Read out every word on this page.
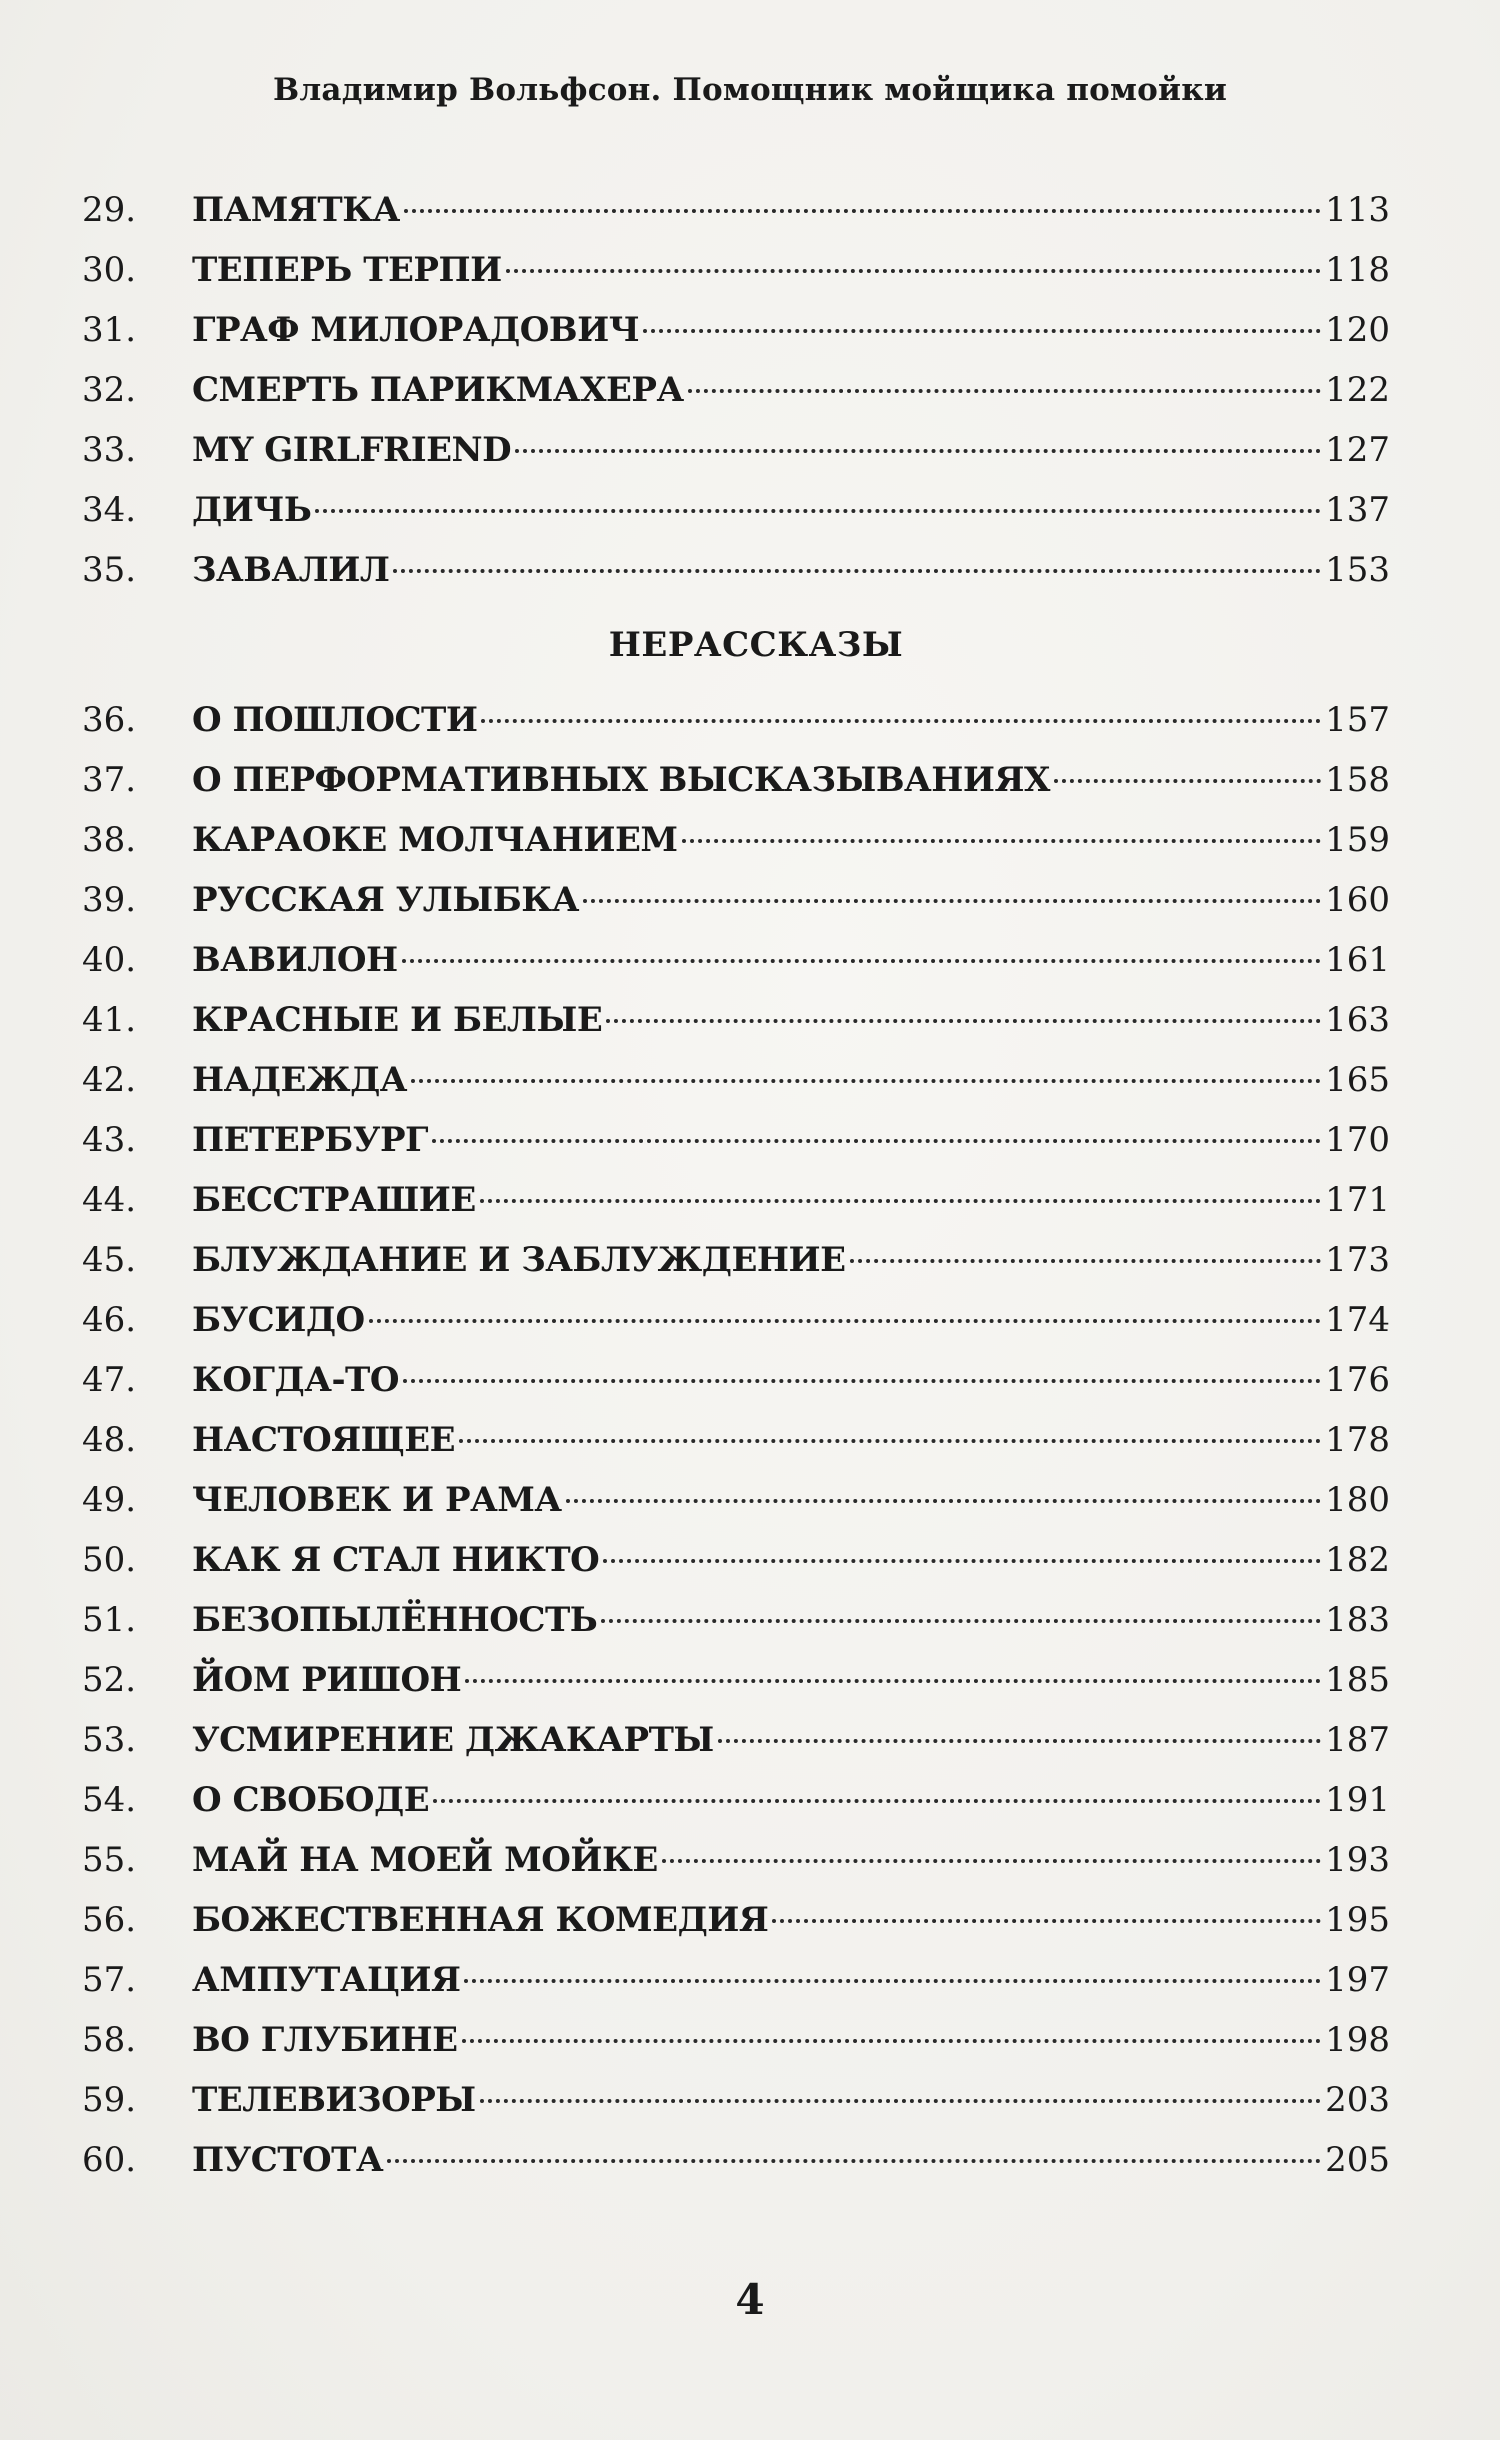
Владимир Вольфсон. Помощник мойщика помойки
29.	ПАМЯТКА	113
30.	ТЕПЕРЬ ТЕРПИ	118
31.	ГРАФ МИЛОРАДОВИЧ	120
32.	СМЕРТЬ ПАРИКМАХЕРА	122
33.	MY GIRLFRIEND	127
34.	ДИЧЬ	137
35.	ЗАВАЛИЛ	153
НЕРАССКАЗЫ
36.	О ПОШЛОСТИ	157
37.	О ПЕРФОРМАТИВНЫХ ВЫСКАЗЫВАНИЯХ	158
38.	КАРАОКЕ МОЛЧАНИЕМ	159
39.	РУССКАЯ УЛЫБКА	160
40.	ВАВИЛОН	161
41.	КРАСНЫЕ И БЕЛЫЕ	163
42.	НАДЕЖДА	165
43.	ПЕТЕРБУРГ	170
44.	БЕССТРАШИЕ	171
45.	БЛУЖДАНИЕ И ЗАБЛУЖДЕНИЕ	173
46.	БУСИДО	174
47.	КОГДА-ТО	176
48.	НАСТОЯЩЕЕ	178
49.	ЧЕЛОВЕК И РАМА	180
50.	КАК Я СТАЛ НИКТО	182
51.	БЕЗОПЫЛЁННОСТЬ	183
52.	ЙОМ РИШОН	185
53.	УСМИРЕНИЕ ДЖАКАРТЫ	187
54.	О СВОБОДЕ	191
55.	МАЙ НА МОЕЙ МОЙКЕ	193
56.	БОЖЕСТВЕННАЯ КОМЕДИЯ	195
57.	АМПУТАЦИЯ	197
58.	ВО ГЛУБИНЕ	198
59.	ТЕЛЕВИЗОРЫ	203
60.	ПУСТОТА	205
4
